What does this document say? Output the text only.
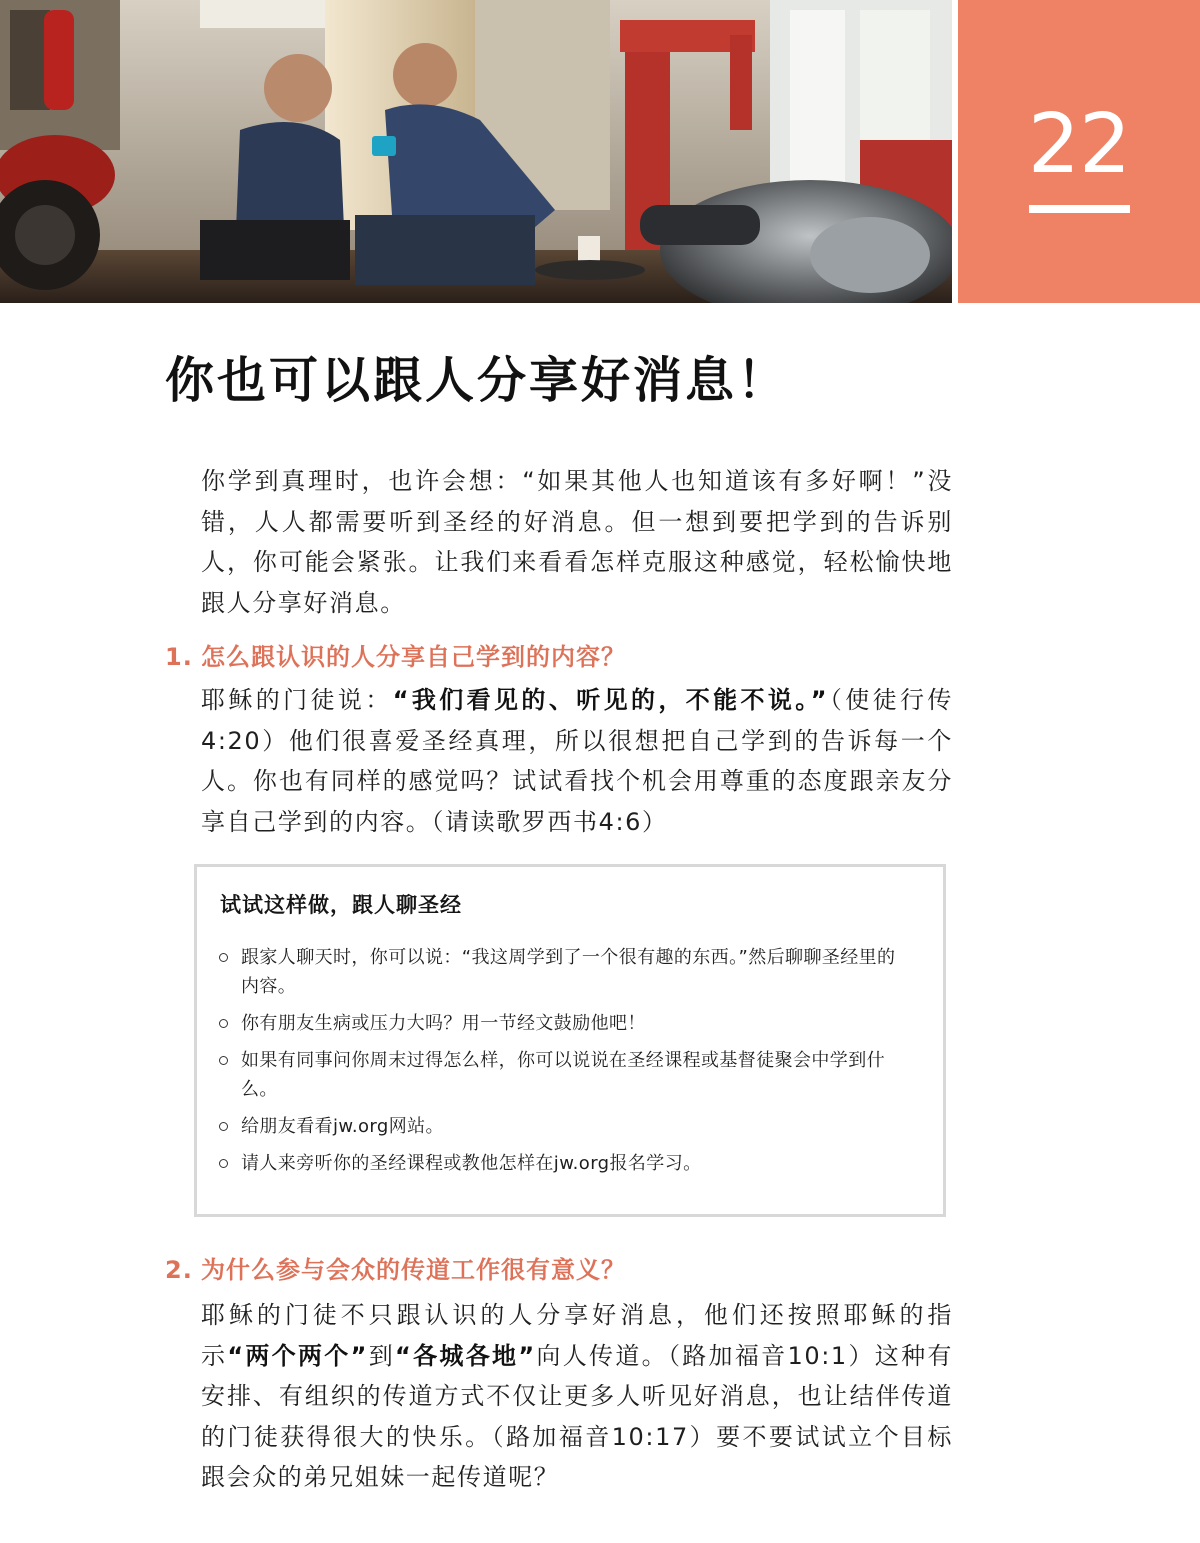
22
你也可以跟人分享好消息！

你学到真理时，也许会想：“如果其他人也知道该有多好啊！”没错，人人都需要听到圣经的好消息。但一想到要把学到的告诉别人，你可能会紧张。让我们来看看怎样克服这种感觉，轻松愉快地跟人分享好消息。

1. 怎么跟认识的人分享自己学到的内容？

耶稣的门徒说：“我们看见的、听见的，不能不说。”（使徒行传4:20）他们很喜爱圣经真理，所以很想把自己学到的告诉每一个人。你也有同样的感觉吗？试试看找个机会用尊重的态度跟亲友分享自己学到的内容。（请读歌罗西书4:6）

试试这样做，跟人聊圣经
跟家人聊天时，你可以说：“我这周学到了一个很有趣的东西。”然后聊聊圣经里的内容。
你有朋友生病或压力大吗？用一节经文鼓励他吧！
如果有同事问你周末过得怎么样，你可以说说在圣经课程或基督徒聚会中学到什么。
给朋友看看jw.org网站。
请人来旁听你的圣经课程或教他怎样在jw.org报名学习。
2. 为什么参与会众的传道工作很有意义？

耶稣的门徒不只跟认识的人分享好消息，他们还按照耶稣的指示“两个两个”到“各城各地”向人传道。（路加福音10:1）这种有安排、有组织的传道方式不仅让更多人听见好消息，也让结伴传道的门徒获得很大的快乐。（路加福音10:17）要不要试试立个目标跟会众的弟兄姐妹一起传道呢？
